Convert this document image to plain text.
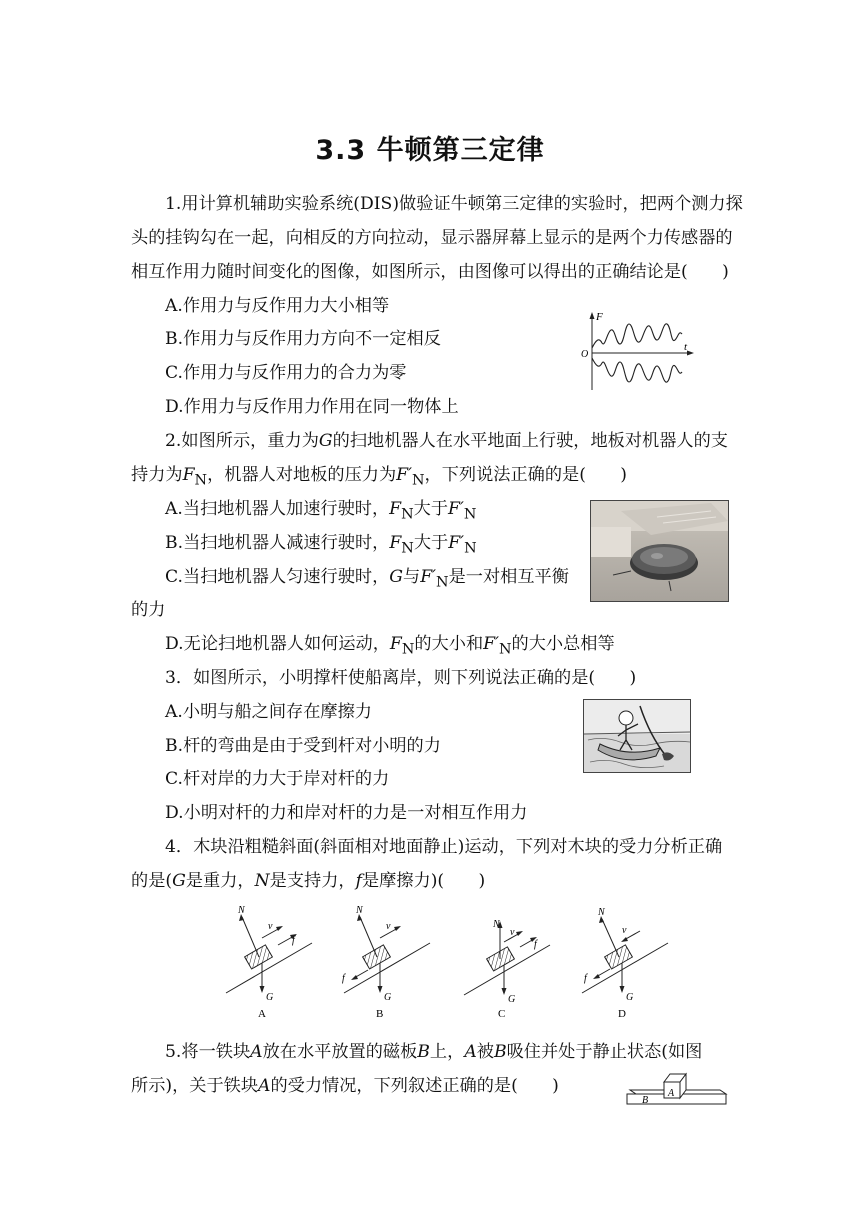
3.3 牛顿第三定律
1.用计算机辅助实验系统(DIS)做验证牛顿第三定律的实验时，把两个测力探
头的挂钩勾在一起，向相反的方向拉动，显示器屏幕上显示的是两个力传感器的
相互作用力随时间变化的图像，如图所示，由图像可以得出的正确结论是(　　)
A.作用力与反作用力大小相等
B.作用力与反作用力方向不一定相反
C.作用力与反作用力的合力为零
D.作用力与反作用力作用在同一物体上
F
t
O
2.如图所示，重力为G的扫地机器人在水平地面上行驶，地板对机器人的支
持力为$F_N$，机器人对地板的压力为$F'_N$，下列说法正确的是(　　)
A.当扫地机器人加速行驶时，$F_N$大于$F'_N$
B.当扫地机器人减速行驶时，$F_N$大于$F'_N$
C.当扫地机器人匀速行驶时，G与$F'_N$是一对相互平衡
的力
D.无论扫地机器人如何运动，$F_N$的大小和$F'_N$的大小总相等
3．如图所示，小明撑杆使船离岸，则下列说法正确的是(　　)
A.小明与船之间存在摩擦力
B.杆的弯曲是由于受到杆对小明的力
C.杆对岸的力大于岸对杆的力
D.小明对杆的力和岸对杆的力是一对相互作用力
4．木块沿粗糙斜面(斜面相对地面静止)运动，下列对木块的受力分析正确
的是(G是重力，N是支持力，f是摩擦力)(　　)
N
v
f
G
A
N
v
f
G
B
N
v
f
G
C
N
v
f
G
D
5.将一铁块A放在水平放置的磁板B上，A被B吸住并处于静止状态(如图
所示)，关于铁块A的受力情况，下列叙述正确的是(　　)
B
A
